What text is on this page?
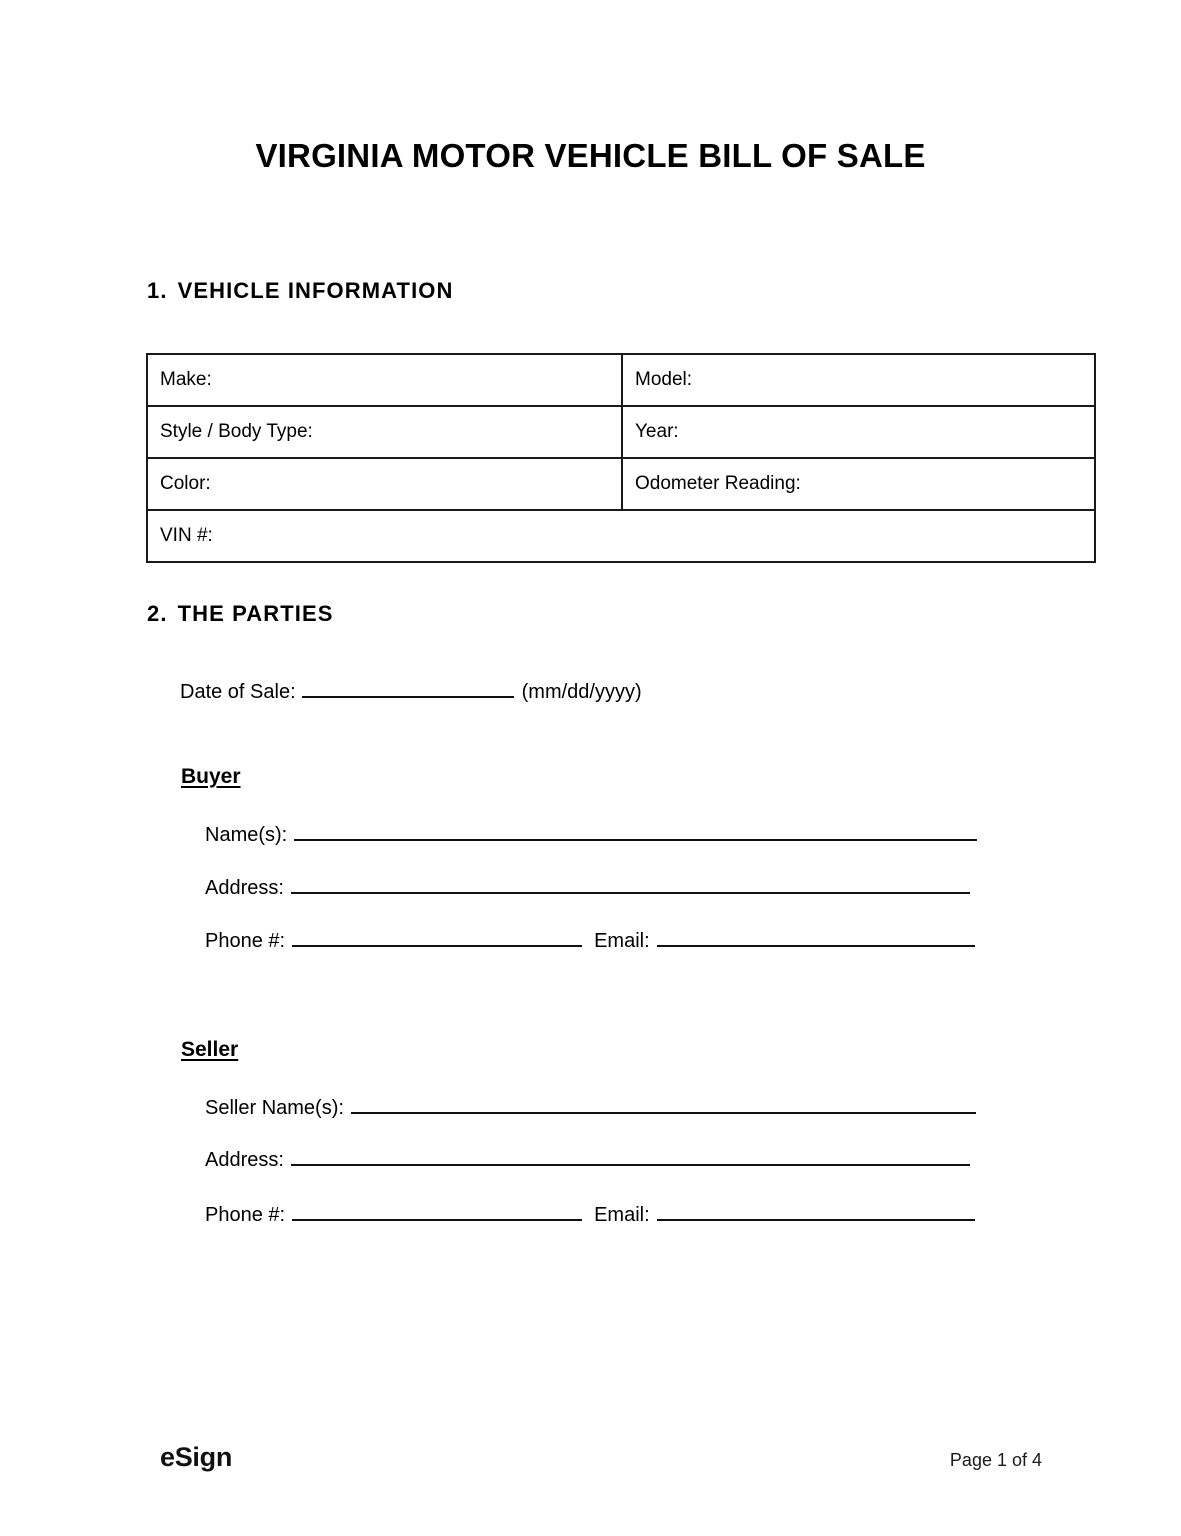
VIRGINIA MOTOR VEHICLE BILL OF SALE
1. VEHICLE INFORMATION
Make:	Model:
Style / Body Type:	Year:
Color:	Odometer Reading:
VIN #:	
2. THE PARTIES
Date of Sale:	(mm/dd/yyyy)
Buyer
Name(s):
Address:
Phone #:	Email:
Seller
Seller Name(s):
Address:
Phone #:	Email:
eSign	Page 1 of 4
